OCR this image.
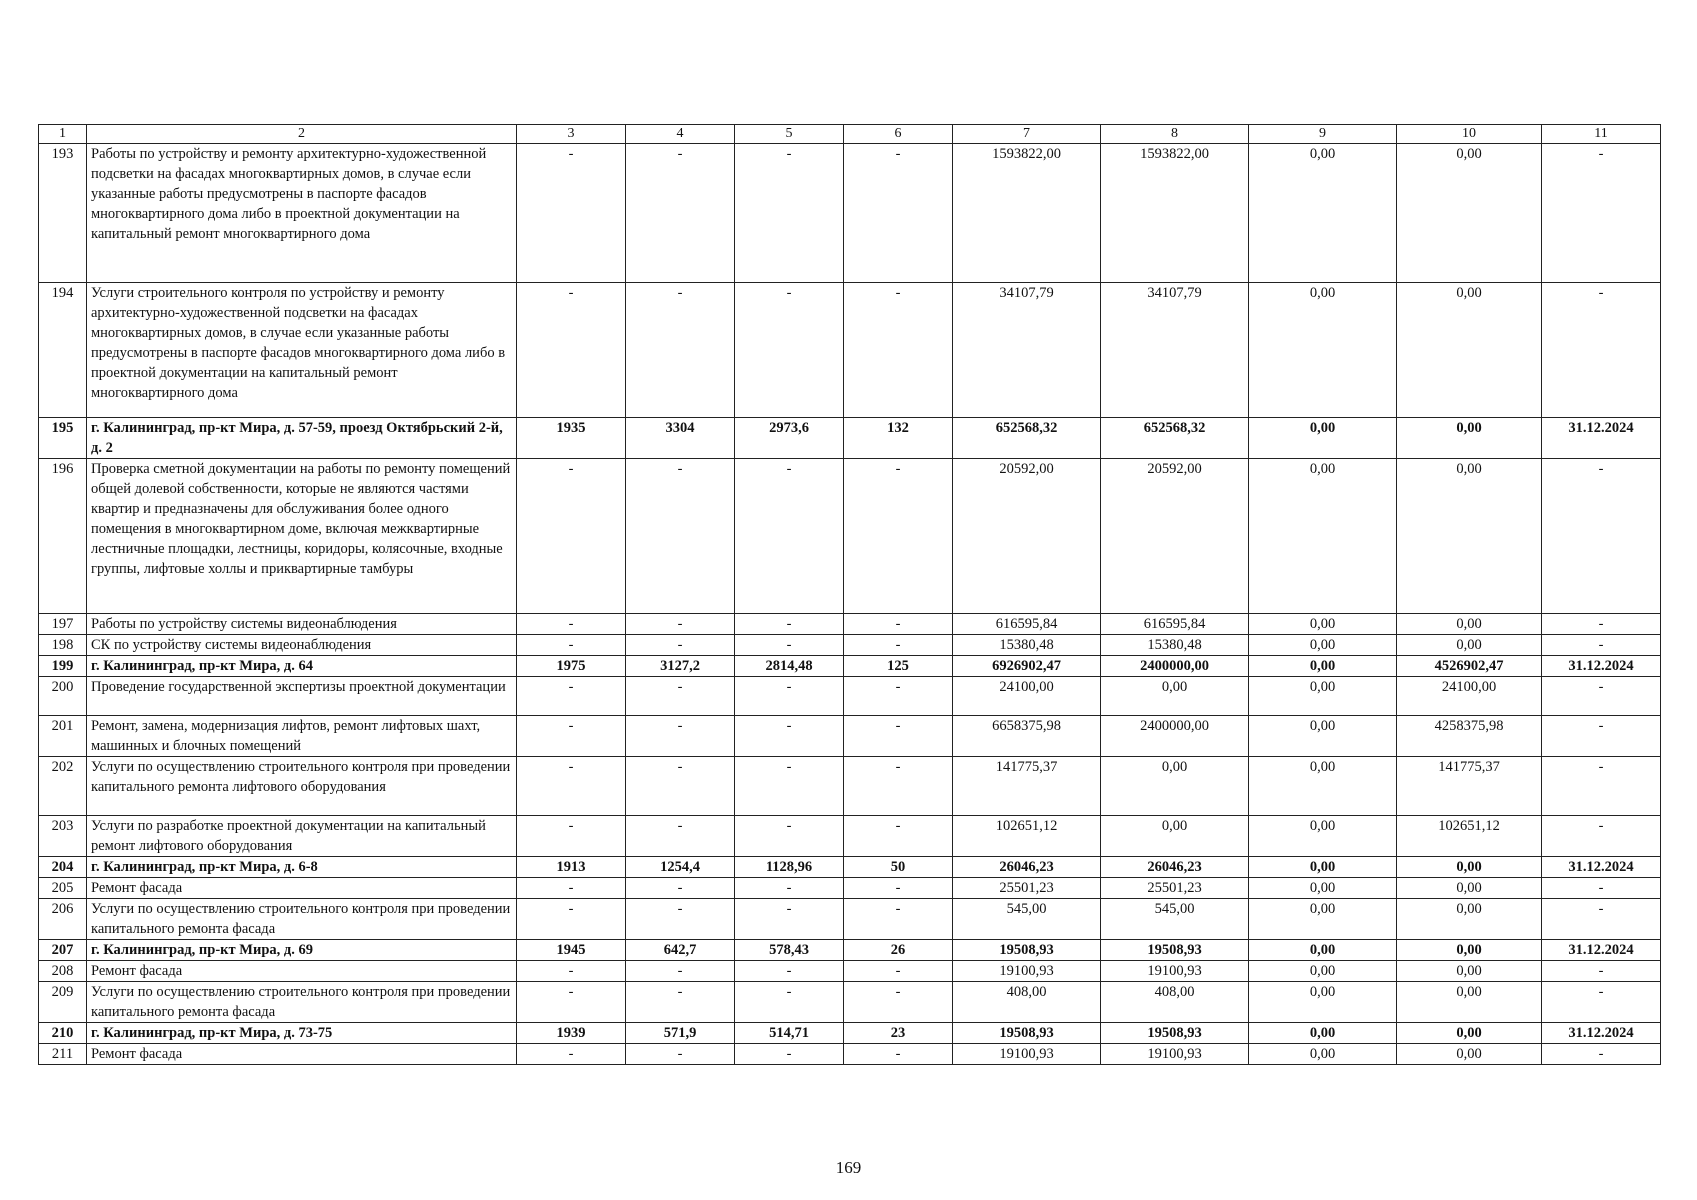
1	2	3	4	5	6	7	8	9	10	11
193	Работы по устройству и ремонту архитектурно-художественной подсветки на фасадах многоквартирных домов, в случае если указанные работы предусмотрены в паспорте фасадов многоквартирного дома либо в проектной документации на капитальный ремонт многоквартирного дома	-	-	-	-	1593822,00	1593822,00	0,00	0,00	-
194	Услуги строительного контроля по устройству и ремонту архитектурно-художественной подсветки на фасадах многоквартирных домов, в случае если указанные работы предусмотрены в паспорте фасадов многоквартирного дома либо в проектной документации на капитальный ремонт многоквартирного дома	-	-	-	-	34107,79	34107,79	0,00	0,00	-
195	г. Калининград, пр-кт Мира, д. 57-59, проезд Октябрьский 2-й, д. 2	1935	3304	2973,6	132	652568,32	652568,32	0,00	0,00	31.12.2024
196	Проверка сметной документации на работы по ремонту помещений общей долевой собственности, которые не являются частями квартир и предназначены для обслуживания более одного помещения в многоквартирном доме, включая межквартирные лестничные площадки, лестницы, коридоры, колясочные, входные группы, лифтовые холлы и приквартирные тамбуры	-	-	-	-	20592,00	20592,00	0,00	0,00	-
197	Работы по устройству системы видеонаблюдения	-	-	-	-	616595,84	616595,84	0,00	0,00	-
198	СК по устройству системы видеонаблюдения	-	-	-	-	15380,48	15380,48	0,00	0,00	-
199	г. Калининград, пр-кт Мира, д. 64	1975	3127,2	2814,48	125	6926902,47	2400000,00	0,00	4526902,47	31.12.2024
200	Проведение государственной экспертизы проектной документации	-	-	-	-	24100,00	0,00	0,00	24100,00	-
201	Ремонт, замена, модернизация лифтов, ремонт лифтовых шахт, машинных и блочных помещений	-	-	-	-	6658375,98	2400000,00	0,00	4258375,98	-
202	Услуги по осуществлению строительного контроля при проведении капитального ремонта лифтового оборудования	-	-	-	-	141775,37	0,00	0,00	141775,37	-
203	Услуги по разработке проектной документации на капитальный ремонт лифтового оборудования	-	-	-	-	102651,12	0,00	0,00	102651,12	-
204	г. Калининград, пр-кт Мира, д. 6-8	1913	1254,4	1128,96	50	26046,23	26046,23	0,00	0,00	31.12.2024
205	Ремонт фасада	-	-	-	-	25501,23	25501,23	0,00	0,00	-
206	Услуги по осуществлению строительного контроля при проведении капитального ремонта фасада	-	-	-	-	545,00	545,00	0,00	0,00	-
207	г. Калининград, пр-кт Мира, д. 69	1945	642,7	578,43	26	19508,93	19508,93	0,00	0,00	31.12.2024
208	Ремонт фасада	-	-	-	-	19100,93	19100,93	0,00	0,00	-
209	Услуги по осуществлению строительного контроля при проведении капитального ремонта фасада	-	-	-	-	408,00	408,00	0,00	0,00	-
210	г. Калининград, пр-кт Мира, д. 73-75	1939	571,9	514,71	23	19508,93	19508,93	0,00	0,00	31.12.2024
211	Ремонт фасада	-	-	-	-	19100,93	19100,93	0,00	0,00	-
169
